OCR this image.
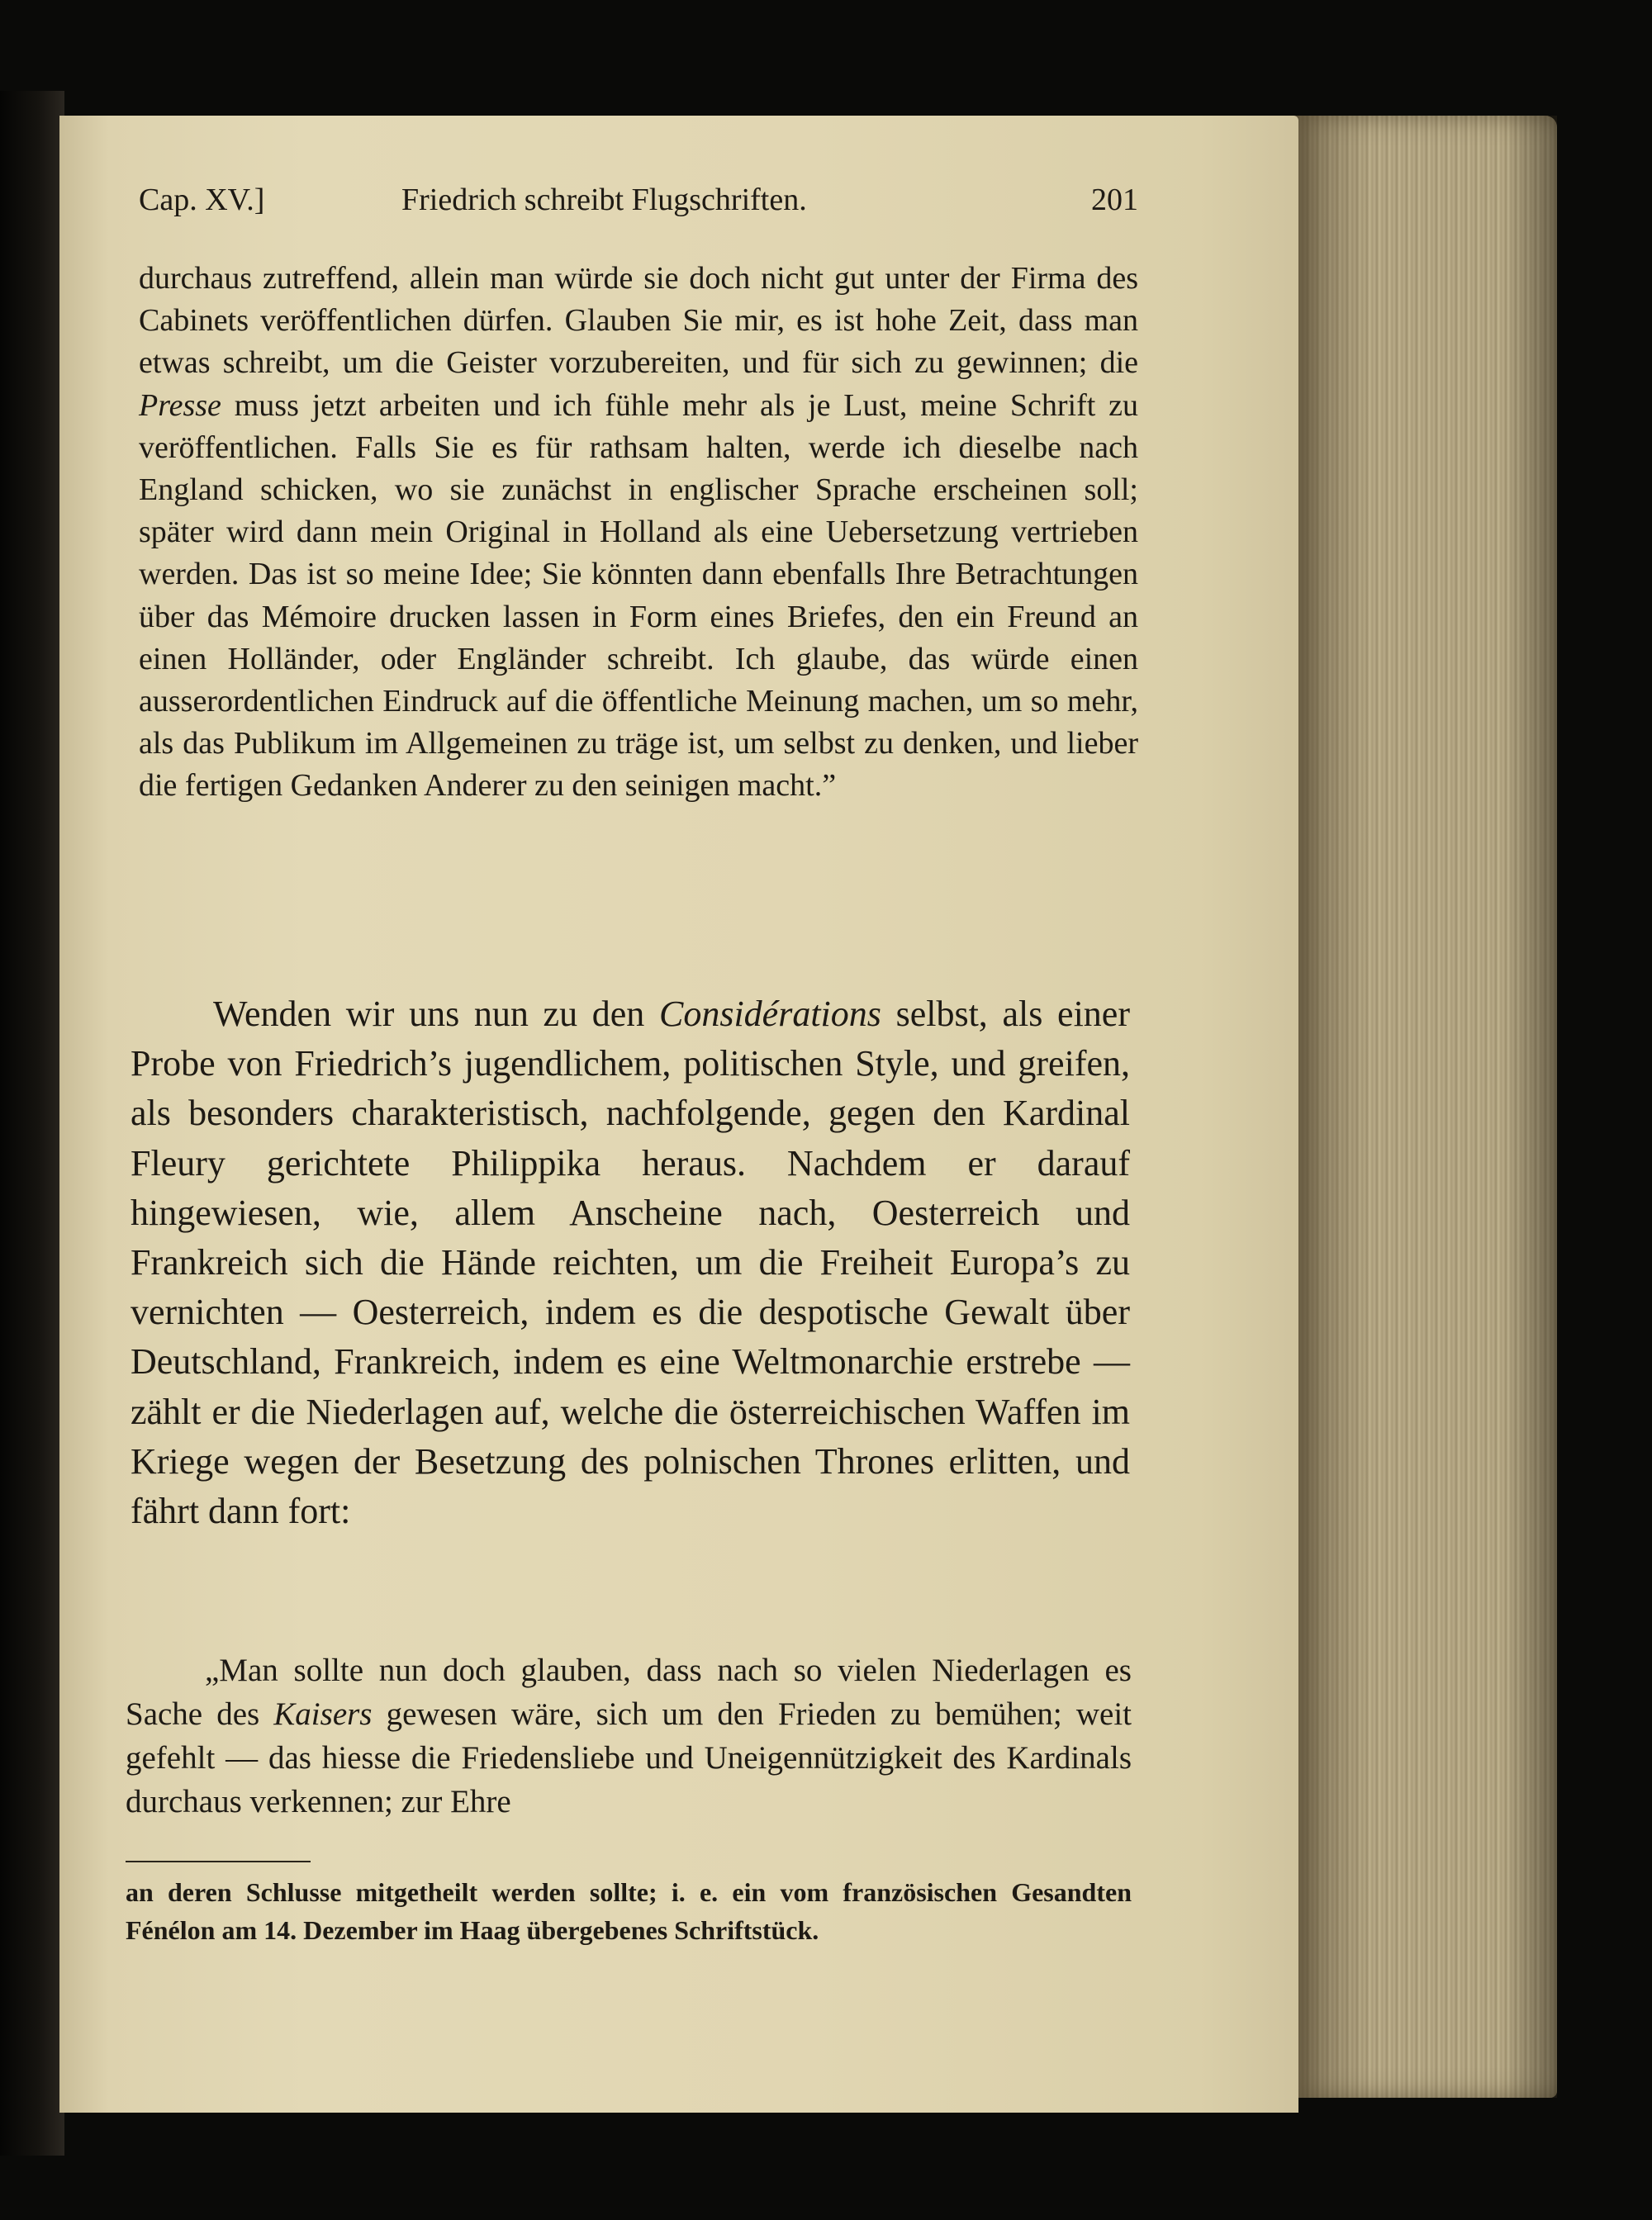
Cap. XV.]	Friedrich schreibt Flugschriften.	201

durchaus zutreffend, allein man würde sie doch nicht gut unter der Firma des Cabinets veröffentlichen dürfen. Glauben Sie mir, es ist hohe Zeit, dass man etwas schreibt, um die Geister vorzubereiten, und für sich zu gewinnen; die Presse muss jetzt arbeiten und ich fühle mehr als je Lust, meine Schrift zu veröffentlichen. Falls Sie es für rathsam halten, werde ich dieselbe nach England schicken, wo sie zunächst in englischer Sprache erscheinen soll; später wird dann mein Original in Holland als eine Uebersetzung vertrieben werden. Das ist so meine Idee; Sie könnten dann ebenfalls Ihre Betrachtungen über das Mémoire drucken lassen in Form eines Briefes, den ein Freund an einen Holländer, oder Engländer schreibt. Ich glaube, das würde einen ausserordentlichen Eindruck auf die öffentliche Meinung machen, um so mehr, als das Publikum im Allgemeinen zu träge ist, um selbst zu denken, und lieber die fertigen Gedanken Anderer zu den seinigen macht.”

Wenden wir uns nun zu den Considérations selbst, als einer Probe von Friedrich’s jugendlichem, politischen Style, und greifen, als besonders charakteristisch, nachfolgende, gegen den Kardinal Fleury gerichtete Philippika heraus. Nachdem er darauf hingewiesen, wie, allem Anscheine nach, Oesterreich und Frankreich sich die Hände reichten, um die Freiheit Europa’s zu vernichten — Oesterreich, indem es die despotische Gewalt über Deutschland, Frankreich, indem es eine Weltmonarchie erstrebe — zählt er die Niederlagen auf, welche die österreichischen Waffen im Kriege wegen der Besetzung des polnischen Thrones erlitten, und fährt dann fort:

„Man sollte nun doch glauben, dass nach so vielen Niederlagen es Sache des Kaisers gewesen wäre, sich um den Frieden zu bemühen; weit gefehlt — das hiesse die Friedensliebe und Uneigennützigkeit des Kardinals durchaus verkennen; zur Ehre

an deren Schlusse mitgetheilt werden sollte; i. e. ein vom französischen Gesandten Fénélon am 14. Dezember im Haag übergebenes Schriftstück.
